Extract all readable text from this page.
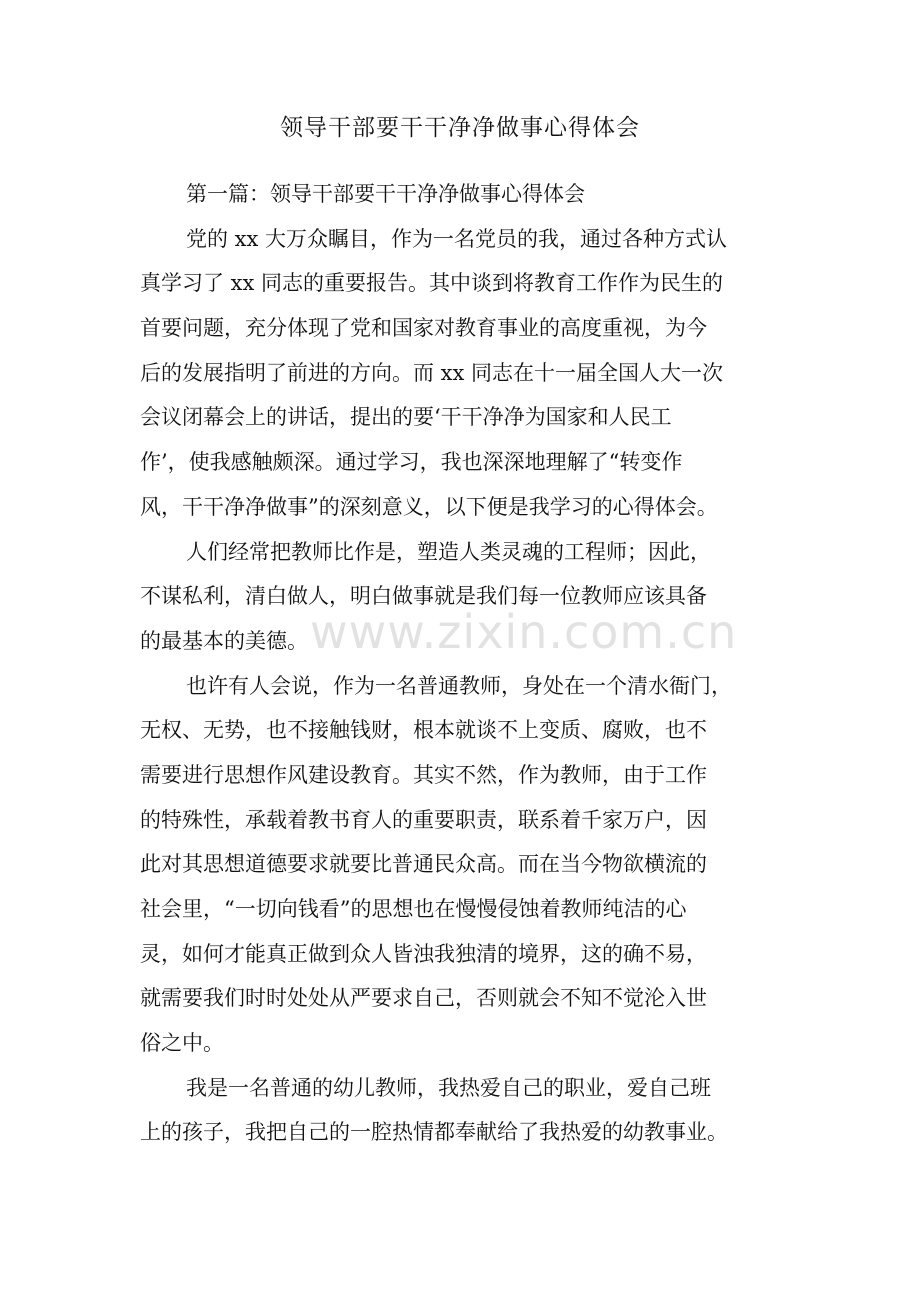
领导干部要干干净净做事心得体会

第一篇：领导干部要干干净净做事心得体会

党的 xx 大万众瞩目，作为一名党员的我，通过各种方式认

真学习了 xx 同志的重要报告。其中谈到将教育工作作为民生的

首要问题，充分体现了党和国家对教育事业的高度重视，为今

后的发展指明了前进的方向。而 xx 同志在十一届全国人大一次

会议闭幕会上的讲话，提出的要‘干干净净为国家和人民工

作’，使我感触颇深。通过学习，我也深深地理解了“转变作

风，干干净净做事”的深刻意义，以下便是我学习的心得体会。

人们经常把教师比作是，塑造人类灵魂的工程师；因此，

不谋私利，清白做人，明白做事就是我们每一位教师应该具备

的最基本的美德。

也许有人会说，作为一名普通教师，身处在一个清水衙门，

无权、无势，也不接触钱财，根本就谈不上变质、腐败，也不

需要进行思想作风建设教育。其实不然，作为教师，由于工作

的特殊性，承载着教书育人的重要职责，联系着千家万户，因

此对其思想道德要求就要比普通民众高。而在当今物欲横流的

社会里，“一切向钱看”的思想也在慢慢侵蚀着教师纯洁的心

灵，如何才能真正做到众人皆浊我独清的境界，这的确不易，

就需要我们时时处处从严要求自己，否则就会不知不觉沦入世

俗之中。

我是一名普通的幼儿教师，我热爱自己的职业，爱自己班

上的孩子，我把自己的一腔热情都奉献给了我热爱的幼教事业。

www.zixin.com.cn
